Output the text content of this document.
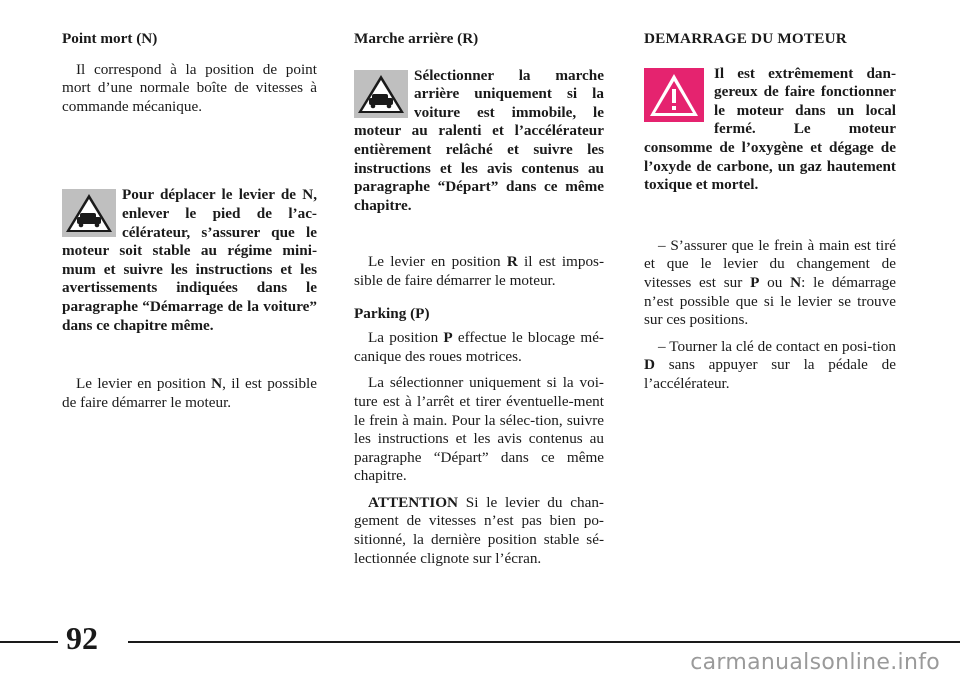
Point mort (N)

Il correspond à la position de point mort d’une normale boîte de vitesses à commande mécanique.

Pour déplacer le levier de N, enlever le pied de l’ac-célérateur, s’assurer que le moteur soit stable au régime mini-mum et suivre les instructions et les avertissements indiquées dans le paragraphe “Démarrage de la voiture” dans ce chapitre même.

Le levier en position N, il est possible de faire démarrer le moteur.

Marche arrière (R)

Sélectionner la marche arrière uniquement si la voiture est immobile, le moteur au ralenti et l’accélérateur entièrement relâché et suivre les instructions et les avis contenus au paragraphe “Départ” dans ce même chapitre.

Le levier en position R il est impos-sible de faire démarrer le moteur.

Parking (P)

La position P effectue le blocage mé-canique des roues motrices.

La sélectionner uniquement si la voi-ture est à l’arrêt et tirer éventuelle-ment le frein à main. Pour la sélec-tion, suivre les instructions et les avis contenus au paragraphe “Départ” dans ce même chapitre.

ATTENTION Si le levier du chan-gement de vitesses n’est pas bien po-sitionné, la dernière position stable sé-lectionnée clignote sur l’écran.

DEMARRAGE DU MOTEUR

Il est extrêmement dan-gereux de faire fonctionner le moteur dans un local fermé. Le moteur consomme de l’oxygène et dégage de l’oxyde de carbone, un gaz hautement toxique et mortel.

– S’assurer que le frein à main est tiré et que le levier du changement de vitesses est sur P ou N: le démarrage n’est possible que si le levier se trouve sur ces positions.

– Tourner la clé de contact en posi-tion D sans appuyer sur la pédale de l’accélérateur.

92
carmanualsonline.info
